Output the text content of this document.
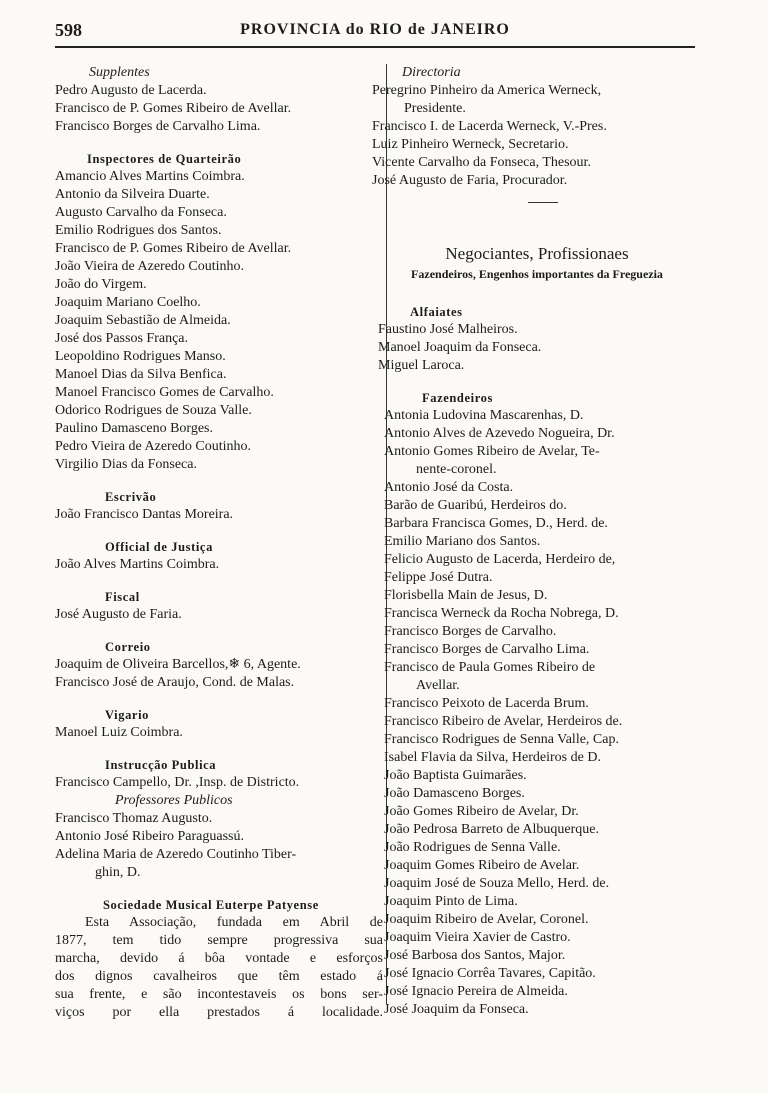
598	PROVINCIA do RIO de JANEIRO
Supplentes
Pedro Augusto de Lacerda.
Francisco de P. Gomes Ribeiro de Avellar.
Francisco Borges de Carvalho Lima.
Inspectores de Quarteirão
Amancio Alves Martins Coimbra.
Antonio da Silveira Duarte.
Augusto Carvalho da Fonseca.
Emilio Rodrigues dos Santos.
Francisco de P. Gomes Ribeiro de Avellar.
João Vieira de Azeredo Coutinho.
João do Virgem.
Joaquim Mariano Coelho.
Joaquim Sebastião de Almeida.
José dos Passos França.
Leopoldino Rodrigues Manso.
Manoel Dias da Silva Benfica.
Manoel Francisco Gomes de Carvalho.
Odorico Rodrigues de Souza Valle.
Paulino Damasceno Borges.
Pedro Vieira de Azeredo Coutinho.
Virgilio Dias da Fonseca.
Escrivão
João Francisco Dantas Moreira.
Official de Justiça
João Alves Martins Coimbra.
Fiscal
José Augusto de Faria.
Correio
Joaquim de Oliveira Barcellos,❄ 6, Agente.
Francisco José de Araujo, Cond. de Malas.
Vigario
Manoel Luiz Coimbra.
Instrucção Publica
Francisco Campello, Dr. ,Insp. de Districto.
Professores Publicos
Francisco Thomaz Augusto.
Antonio José Ribeiro Paraguassú.
Adelina Maria de Azeredo Coutinho Tiber-
ghin, D.
Sociedade Musical Euterpe Patyense
Esta Associação, fundada em Abril de
1877, tem tido sempre progressiva sua
marcha, devido á bôa vontade e esforços
dos dignos cavalheiros que têm estado á
sua frente, e são incontestaveis os bons ser-
viços por ella prestados á localidade.
Directoria
Peregrino Pinheiro da America Werneck,
Presidente.
Francisco I. de Lacerda Werneck, V.-Pres.
Luiz Pinheiro Werneck, Secretario.
Vicente Carvalho da Fonseca, Thesour.
José Augusto de Faria, Procurador.
Negociantes, Profissionaes
Fazendeiros, Engenhos importantes da Freguezia
Alfaiates
Faustino José Malheiros.
Manoel Joaquim da Fonseca.
Miguel Laroca.
Fazendeiros
Antonia Ludovina Mascarenhas, D.
Antonio Alves de Azevedo Nogueira, Dr.
Antonio Gomes Ribeiro de Avelar, Te-
nente-coronel.
Antonio José da Costa.
Barão de Guaribú, Herdeiros do.
Barbara Francisca Gomes, D., Herd. de.
Emilio Mariano dos Santos.
Felicio Augusto de Lacerda, Herdeiro de,
Felippe José Dutra.
Florisbella Main de Jesus, D.
Francisca Werneck da Rocha Nobrega, D.
Francisco Borges de Carvalho.
Francisco Borges de Carvalho Lima.
Francisco de Paula Gomes Ribeiro de
Avellar.
Francisco Peixoto de Lacerda Brum.
Francisco Ribeiro de Avelar, Herdeiros de.
Francisco Rodrigues de Senna Valle, Cap.
Isabel Flavia da Silva, Herdeiros de D.
João Baptista Guimarães.
João Damasceno Borges.
João Gomes Ribeiro de Avelar, Dr.
João Pedrosa Barreto de Albuquerque.
João Rodrigues de Senna Valle.
Joaquim Gomes Ribeiro de Avelar.
Joaquim José de Souza Mello, Herd. de.
Joaquim Pinto de Lima.
Joaquim Ribeiro de Avelar, Coronel.
Joaquim Vieira Xavier de Castro.
José Barbosa dos Santos, Major.
José Ignacio Corrêa Tavares, Capitão.
José Ignacio Pereira de Almeida.
José Joaquim da Fonseca.
